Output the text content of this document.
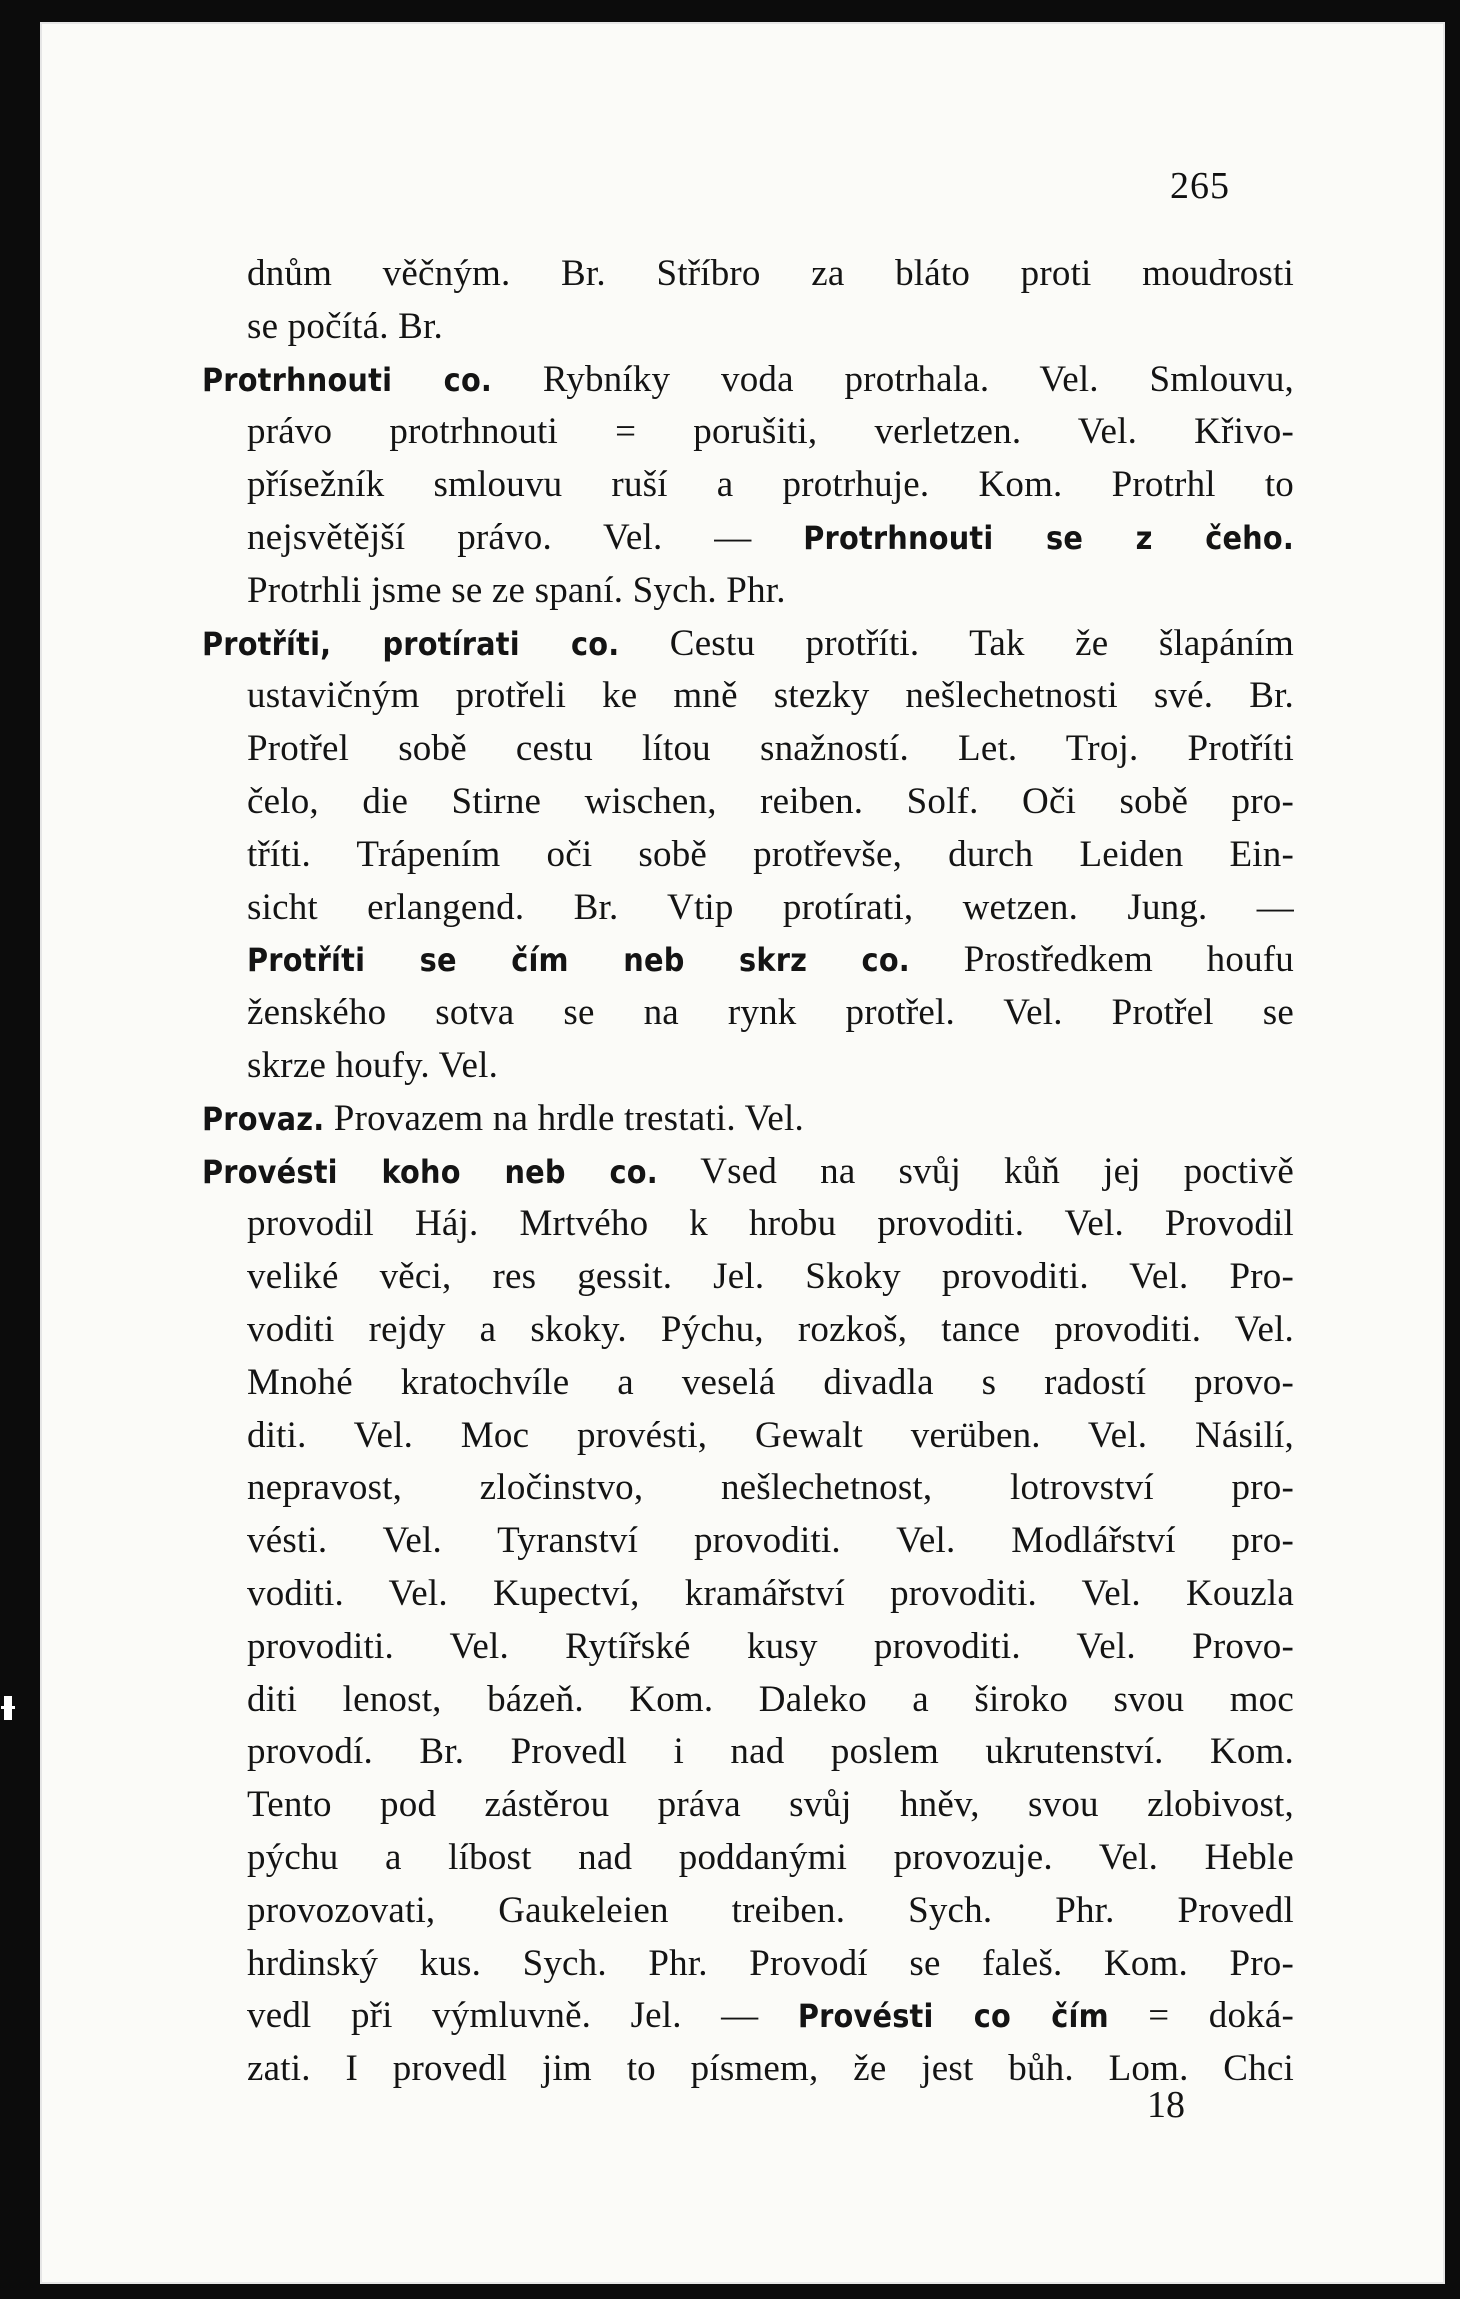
265
dnům věčným. Br. Stříbro za bláto proti moudrosti
se počítá. Br.
Protrhnouti co. Rybníky voda protrhala. Vel. Smlouvu,
právo protrhnouti = porušiti, verletzen. Vel. Křivo-
přísežník smlouvu ruší a protrhuje. Kom. Protrhl to
nejsvětější právo. Vel. — Protrhnouti se z čeho.
Protrhli jsme se ze spaní. Sych. Phr.
Protříti, protírati co. Cestu protříti. Tak že šlapáním
ustavičným protřeli ke mně stezky nešlechetnosti své. Br.
Protřel sobě cestu lítou snažností. Let. Troj. Protříti
čelo, die Stirne wischen, reiben. Solf. Oči sobě pro-
tříti. Trápením oči sobě protřevše, durch Leiden Ein-
sicht erlangend. Br. Vtip protírati, wetzen. Jung. —
Protříti se čím neb skrz co. Prostředkem houfu
ženského sotva se na rynk protřel. Vel. Protřel se
skrze houfy. Vel.
Provaz. Provazem na hrdle trestati. Vel.
Provésti koho neb co. Vsed na svůj kůň jej poctivě
provodil Háj. Mrtvého k hrobu provoditi. Vel. Provodil
veliké věci, res gessit. Jel. Skoky provoditi. Vel. Pro-
voditi rejdy a skoky. Pýchu, rozkoš, tance provoditi. Vel.
Mnohé kratochvíle a veselá divadla s radostí provo-
diti. Vel. Moc provésti, Gewalt verüben. Vel. Násilí,
nepravost, zločinstvo, nešlechetnost, lotrovství pro-
vésti. Vel. Tyranství provoditi. Vel. Modlářství pro-
voditi. Vel. Kupectví, kramářství provoditi. Vel. Kouzla
provoditi. Vel. Rytířské kusy provoditi. Vel. Provo-
diti lenost, bázeň. Kom. Daleko a široko svou moc
provodí. Br. Provedl i nad poslem ukrutenství. Kom.
Tento pod zástěrou práva svůj hněv, svou zlobivost,
pýchu a líbost nad poddanými provozuje. Vel. Heble
provozovati, Gaukeleien treiben. Sych. Phr. Provedl
hrdinský kus. Sych. Phr. Provodí se faleš. Kom. Pro-
vedl při výmluvně. Jel. — Provésti co čím = doká-
zati. I provedl jim to písmem, že jest bůh. Lom. Chci
18
